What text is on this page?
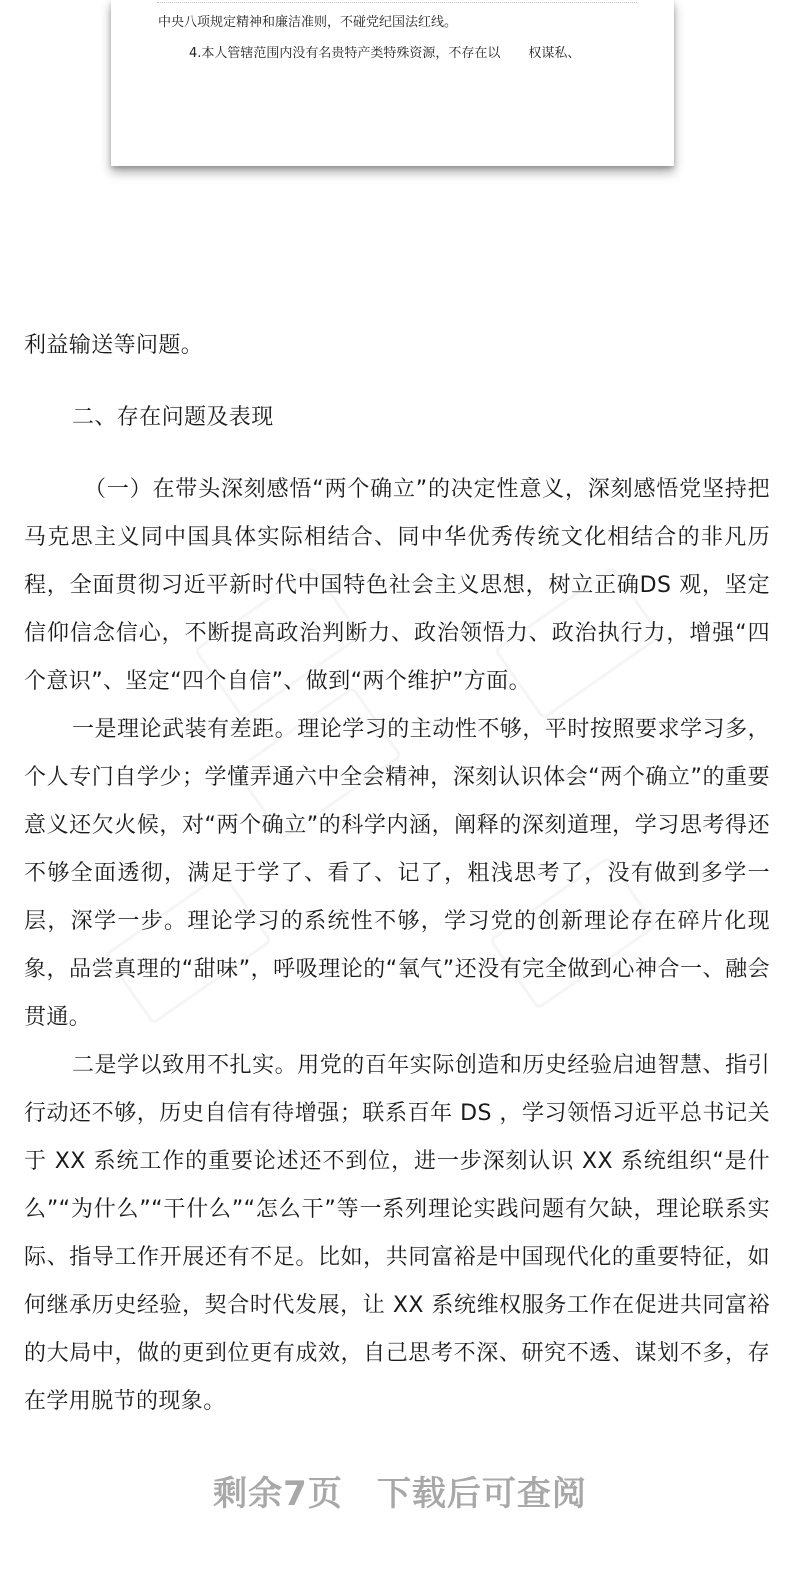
中央八项规定精神和廉洁准则，不碰党纪国法红线。
4.本人管辖范围内没有名贵特产类特殊资源，不存在以 权谋私、

利益输送等问题。

二、存在问题及表现

（一）在带头深刻感悟“两个确立”的决定性意义，深刻感悟党坚持把马克思主义同中国具体实际相结合、同中华优秀传统文化相结合的非凡历程，全面贯彻习近平新时代中国特色社会主义思想，树立正确DS 观，坚定信仰信念信心，不断提高政治判断力、政治领悟力、政治执行力，增强“四个意识”、坚定“四个自信”、做到“两个维护”方面。

一是理论武装有差距。理论学习的主动性不够，平时按照要求学习多，个人专门自学少；学懂弄通六中全会精神，深刻认识体会“两个确立”的重要意义还欠火候，对“两个确立”的科学内涵，阐释的深刻道理，学习思考得还不够全面透彻，满足于学了、看了、记了，粗浅思考了，没有做到多学一层，深学一步。理论学习的系统性不够，学习党的创新理论存在碎片化现象，品尝真理的“甜味”，呼吸理论的“氧气”还没有完全做到心神合一、融会贯通。

二是学以致用不扎实。用党的百年实际创造和历史经验启迪智慧、指引行动还不够，历史自信有待增强；联系百年 DS ，学习领悟习近平总书记关于 XX 系统工作的重要论述还不到位，进一步深刻认识 XX 系统组织“是什么”“为什么”“干什么”“怎么干”等一系列理论实践问题有欠缺，理论联系实际、指导工作开展还有不足。比如，共同富裕是中国现代化的重要特征，如何继承历史经验，契合时代发展，让 XX 系统维权服务工作在促进共同富裕的大局中，做的更到位更有成效，自己思考不深、研究不透、谋划不多，存在学用脱节的现象。

剩余7页 下载后可查阅
